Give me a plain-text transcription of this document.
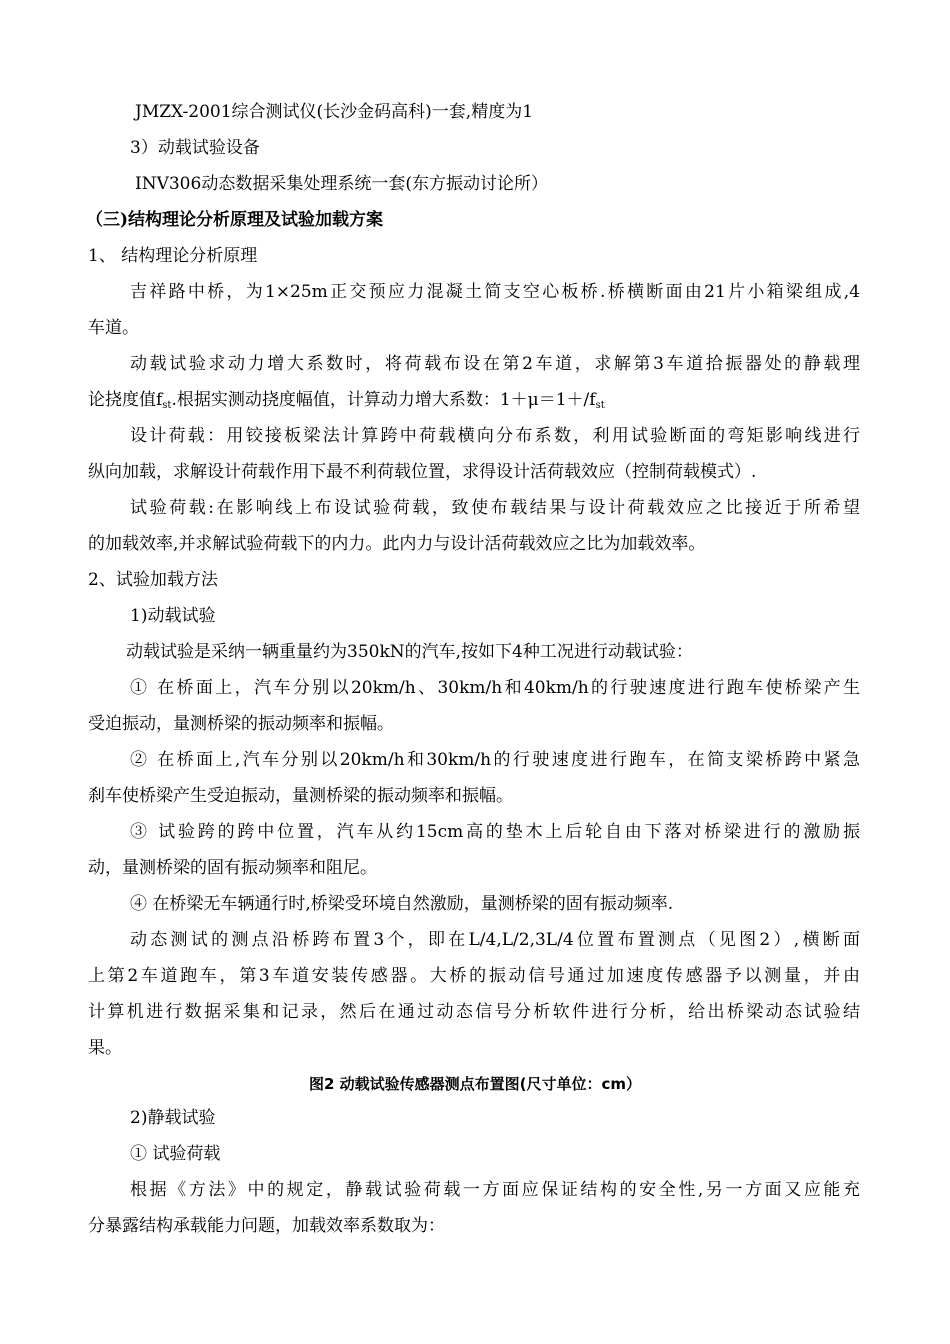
JMZX-2001综合测试仪(长沙金码高科)一套,精度为1
3）动载试验设备
INV306动态数据采集处理系统一套(东方振动讨论所）
（三)结构理论分析原理及试验加载方案
1、 结构理论分析原理
吉祥路中桥，为1×25m正交预应力混凝土简支空心板桥.桥横断面由21片小箱梁组成,4
车道。
动载试验求动力增大系数时，将荷载布设在第2车道，求解第3车道拾振器处的静载理
论挠度值$f_{st}$.根据实测动挠度幅值，计算动力增大系数：$1+\mu=1+/f_{st}$
设计荷载：用铰接板梁法计算跨中荷载横向分布系数，利用试验断面的弯矩影响线进行
纵向加载，求解设计荷载作用下最不利荷载位置，求得设计活荷载效应（控制荷载模式）.
试验荷载:在影响线上布设试验荷载，致使布载结果与设计荷载效应之比接近于所希望
的加载效率,并求解试验荷载下的内力。此内力与设计活荷载效应之比为加载效率。
2、试验加载方法
1)动载试验
动载试验是采纳一辆重量约为350kN的汽车,按如下4种工况进行动载试验：
① 在桥面上，汽车分别以20km/h、30km/h和40km/h的行驶速度进行跑车使桥梁产生
受迫振动，量测桥梁的振动频率和振幅。
② 在桥面上,汽车分别以20km/h和30km/h的行驶速度进行跑车，在简支梁桥跨中紧急
刹车使桥梁产生受迫振动，量测桥梁的振动频率和振幅。
③ 试验跨的跨中位置，汽车从约15cm高的垫木上后轮自由下落对桥梁进行的激励振
动，量测桥梁的固有振动频率和阻尼。
④ 在桥梁无车辆通行时,桥梁受环境自然激励，量测桥梁的固有振动频率.
动态测试的测点沿桥跨布置3个，即在L/4,L/2,3L/4位置布置测点（见图2）,横断面
上第2车道跑车，第3车道安装传感器。大桥的振动信号通过加速度传感器予以测量，并由
计算机进行数据采集和记录，然后在通过动态信号分析软件进行分析，给出桥梁动态试验结
果。
图2 动载试验传感器测点布置图(尺寸单位：cm）
2)静载试验
① 试验荷载
根据《方法》中的规定，静载试验荷载一方面应保证结构的安全性,另一方面又应能充
分暴露结构承载能力问题，加载效率系数取为：
